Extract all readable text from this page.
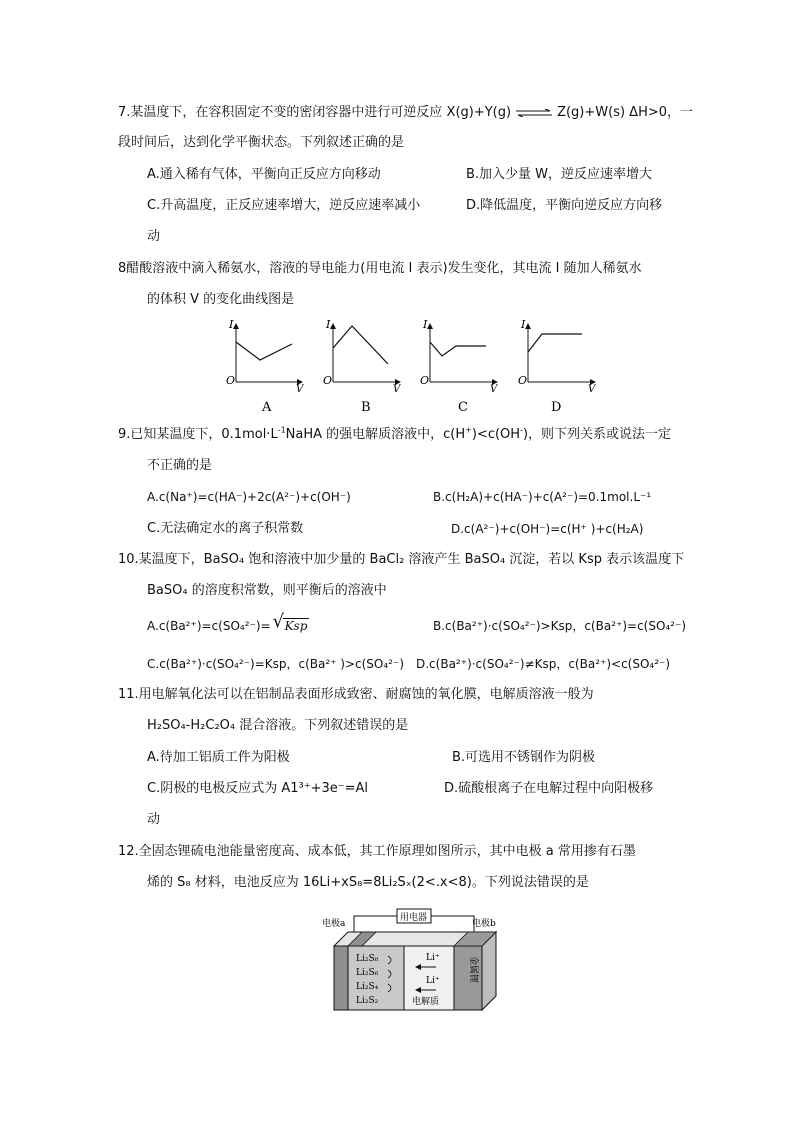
7.某温度下，在容积固定不变的密闭容器中进行可逆反应 X(g)+Y(g) ⇌ Z(g)+W(s) ΔH>0，一
段时间后，达到化学平衡状态。下列叙述正确的是
A.通入稀有气体，平衡向正反应方向移动	B.加入少量 W，逆反应速率增大
C.升高温度，正反应速率增大，逆反应速率减小	D.降低温度，平衡向逆反应方向移
动
8醋酸溶液中滴入稀氨水，溶液的导电能力(用电流 I 表示)发生变化，其电流 I 随加人稀氨水
的体积 V 的变化曲线图是
I
O
V
A
I
O
V
B
I
O
V
C
I
O
V
D
9.已知某温度下，$0.1mol\cdot L^{-1}NaHA$ 的强电解质溶液中，c(H+)<c(OH-)，则下列关系或说法一定
不正确的是
A.c(Na⁺)=c(HA⁻)+2c(A²⁻)+c(OH⁻)	B.c(H₂A)+c(HA⁻)+c(A²⁻)=0.1mol.L⁻¹
C.无法确定水的离子积常数	D.c(A²⁻)+c(OH⁻)=c(H⁺ )+c(H₂A)
10.某温度下，BaSO₄ 饱和溶液中加少量的 BaCl₂ 溶液产生 BaSO₄ 沉淀，若以 Ksp 表示该温度下
BaSO₄ 的溶度积常数，则平衡后的溶液中
A.c(Ba²⁺)=c(SO₄²⁻)= √ Ksp	B.c(Ba²⁺)·c(SO₄²⁻)>Ksp，c(Ba²⁺)=c(SO₄²⁻)
C.c(Ba²⁺)·c(SO₄²⁻)=Ksp，c(Ba²⁺ )>c(SO₄²⁻) D.c(Ba²⁺)·c(SO₄²⁻)≠Ksp，c(Ba²⁺)<c(SO₄²⁻)
11.用电解氧化法可以在铝制品表面形成致密、耐腐蚀的氧化膜，电解质溶液一般为
H₂SO₄-H₂C₂O₄ 混合溶液。下列叙述错误的是
A.待加工铝质工件为阳极	B.可选用不锈钢作为阴极
C.阴极的电极反应式为 A1³⁺+3e⁻=Al	D.硫酸根离子在电解过程中向阳极移
动
12.全固态锂硫电池能量密度高、成本低，其工作原理如图所示，其中电极 a 常用掺有石墨
烯的 S₈ 材料，电池反应为 16Li+xS₈=8Li₂Sₓ(2<.x<8)。下列说法错误的是
用电器
电极a	电极b
Li₂S₈
Li₂S₆
Li₂S₄
Li₂S₂
Li⁺
Li⁺
电解质
金属锂
